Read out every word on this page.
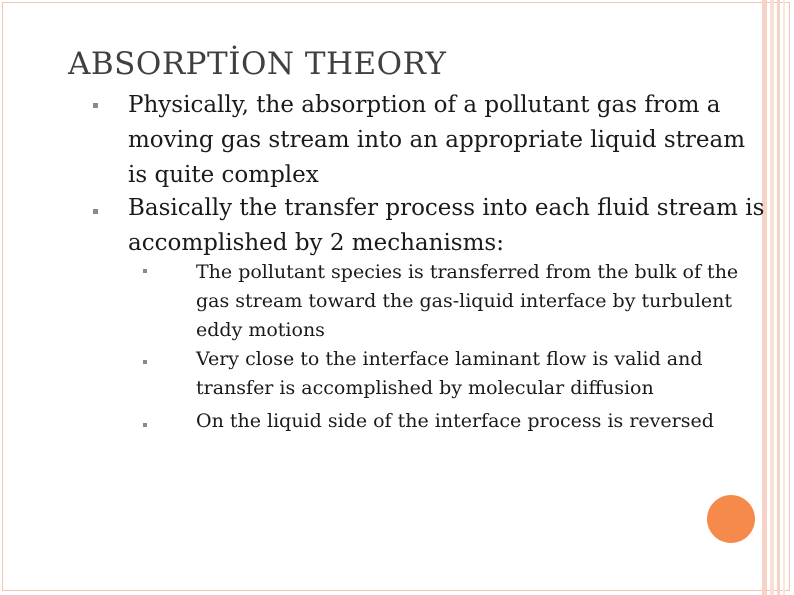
ABSORPTİON THEORY
Physically, the absorption of a pollutant gas from a moving gas stream into an appropriate liquid stream is quite complex
Basically the transfer process into each fluid stream is accomplished by 2 mechanisms:
The pollutant species is transferred from the bulk of the gas stream toward the gas-liquid interface by turbulent eddy motions
Very close to the interface laminant flow is valid and transfer is accomplished by molecular diffusion
On the liquid side of the interface process is reversed
